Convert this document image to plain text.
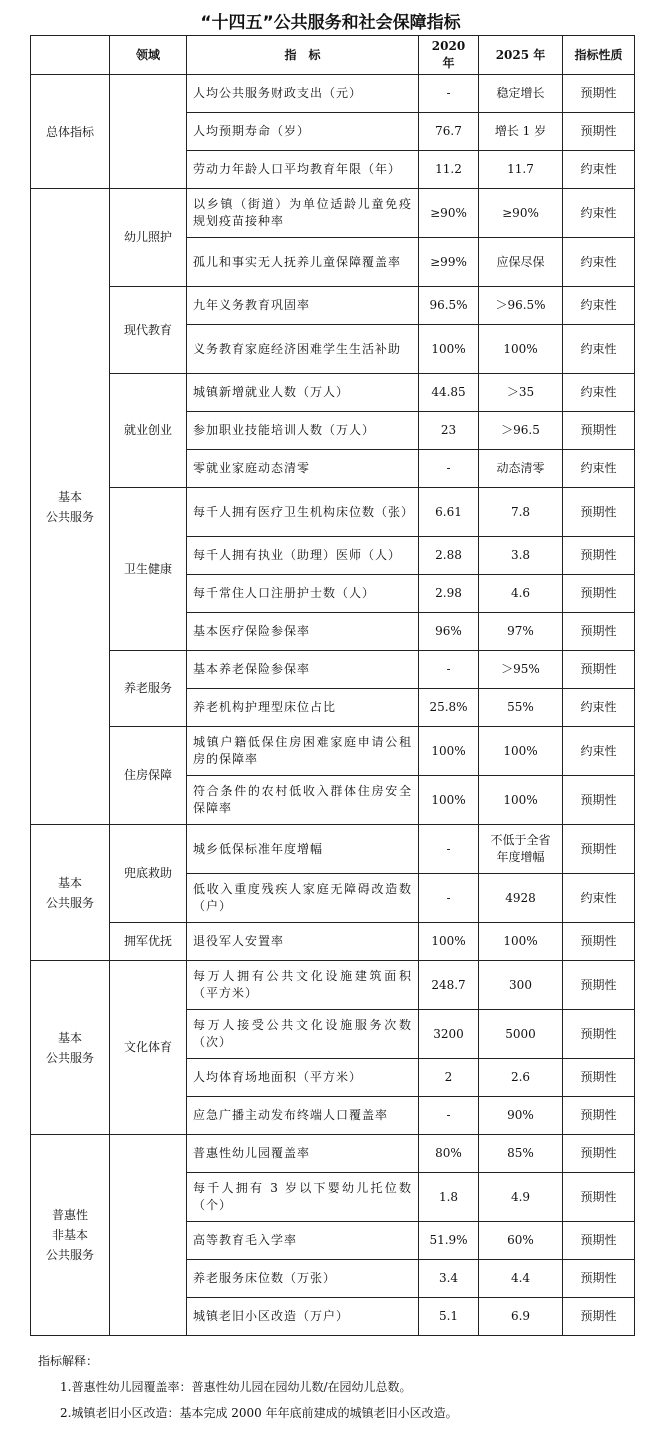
“十四五”公共服务和社会保障指标
	领域	指　标	2020 年	2025 年	指标性质
总体指标		人均公共服务财政支出（元）	-	稳定增长	预期性
		人均预期寿命（岁）	76.7	增长 1 岁	预期性
		劳动力年龄人口平均教育年限（年）	11.2	11.7	约束性
基本
公共服务	幼儿照护	以乡镇（街道）为单位适龄儿童免疫规划疫苗接种率	≥90%	≥90%	约束性
		孤儿和事实无人抚养儿童保障覆盖率	≥99%	应保尽保	约束性
	现代教育	九年义务教育巩固率	96.5%	＞96.5%	约束性
		义务教育家庭经济困难学生生活补助	100%	100%	约束性
	就业创业	城镇新增就业人数（万人）	44.85	＞35	约束性
		参加职业技能培训人数（万人）	23	＞96.5	预期性
		零就业家庭动态清零	-	动态清零	约束性
	卫生健康	每千人拥有医疗卫生机构床位数（张）	6.61	7.8	预期性
		每千人拥有执业（助理）医师（人）	2.88	3.8	预期性
		每千常住人口注册护士数（人）	2.98	4.6	预期性
		基本医疗保险参保率	96%	97%	预期性
	养老服务	基本养老保险参保率	-	＞95%	预期性
		养老机构护理型床位占比	25.8%	55%	约束性
	住房保障	城镇户籍低保住房困难家庭申请公租房的保障率	100%	100%	约束性
		符合条件的农村低收入群体住房安全保障率	100%	100%	预期性
基本
公共服务	兜底救助	城乡低保标准年度增幅	-	不低于全省年度增幅	预期性
		低收入重度残疾人家庭无障碍改造数（户）	-	4928	约束性
	拥军优抚	退役军人安置率	100%	100%	预期性
基本
公共服务	文化体育	每万人拥有公共文化设施建筑面积（平方米）	248.7	300	预期性
		每万人接受公共文化设施服务次数（次）	3200	5000	预期性
		人均体育场地面积（平方米）	2	2.6	预期性
		应急广播主动发布终端人口覆盖率	-	90%	预期性
普惠性
非基本
公共服务		普惠性幼儿园覆盖率	80%	85%	预期性
		每千人拥有 3 岁以下婴幼儿托位数（个）	1.8	4.9	预期性
		高等教育毛入学率	51.9%	60%	预期性
		养老服务床位数（万张）	3.4	4.4	预期性
		城镇老旧小区改造（万户）	5.1	6.9	预期性
指标解释：
1.普惠性幼儿园覆盖率：普惠性幼儿园在园幼儿数/在园幼儿总数。
2.城镇老旧小区改造：基本完成 2000 年年底前建成的城镇老旧小区改造。
